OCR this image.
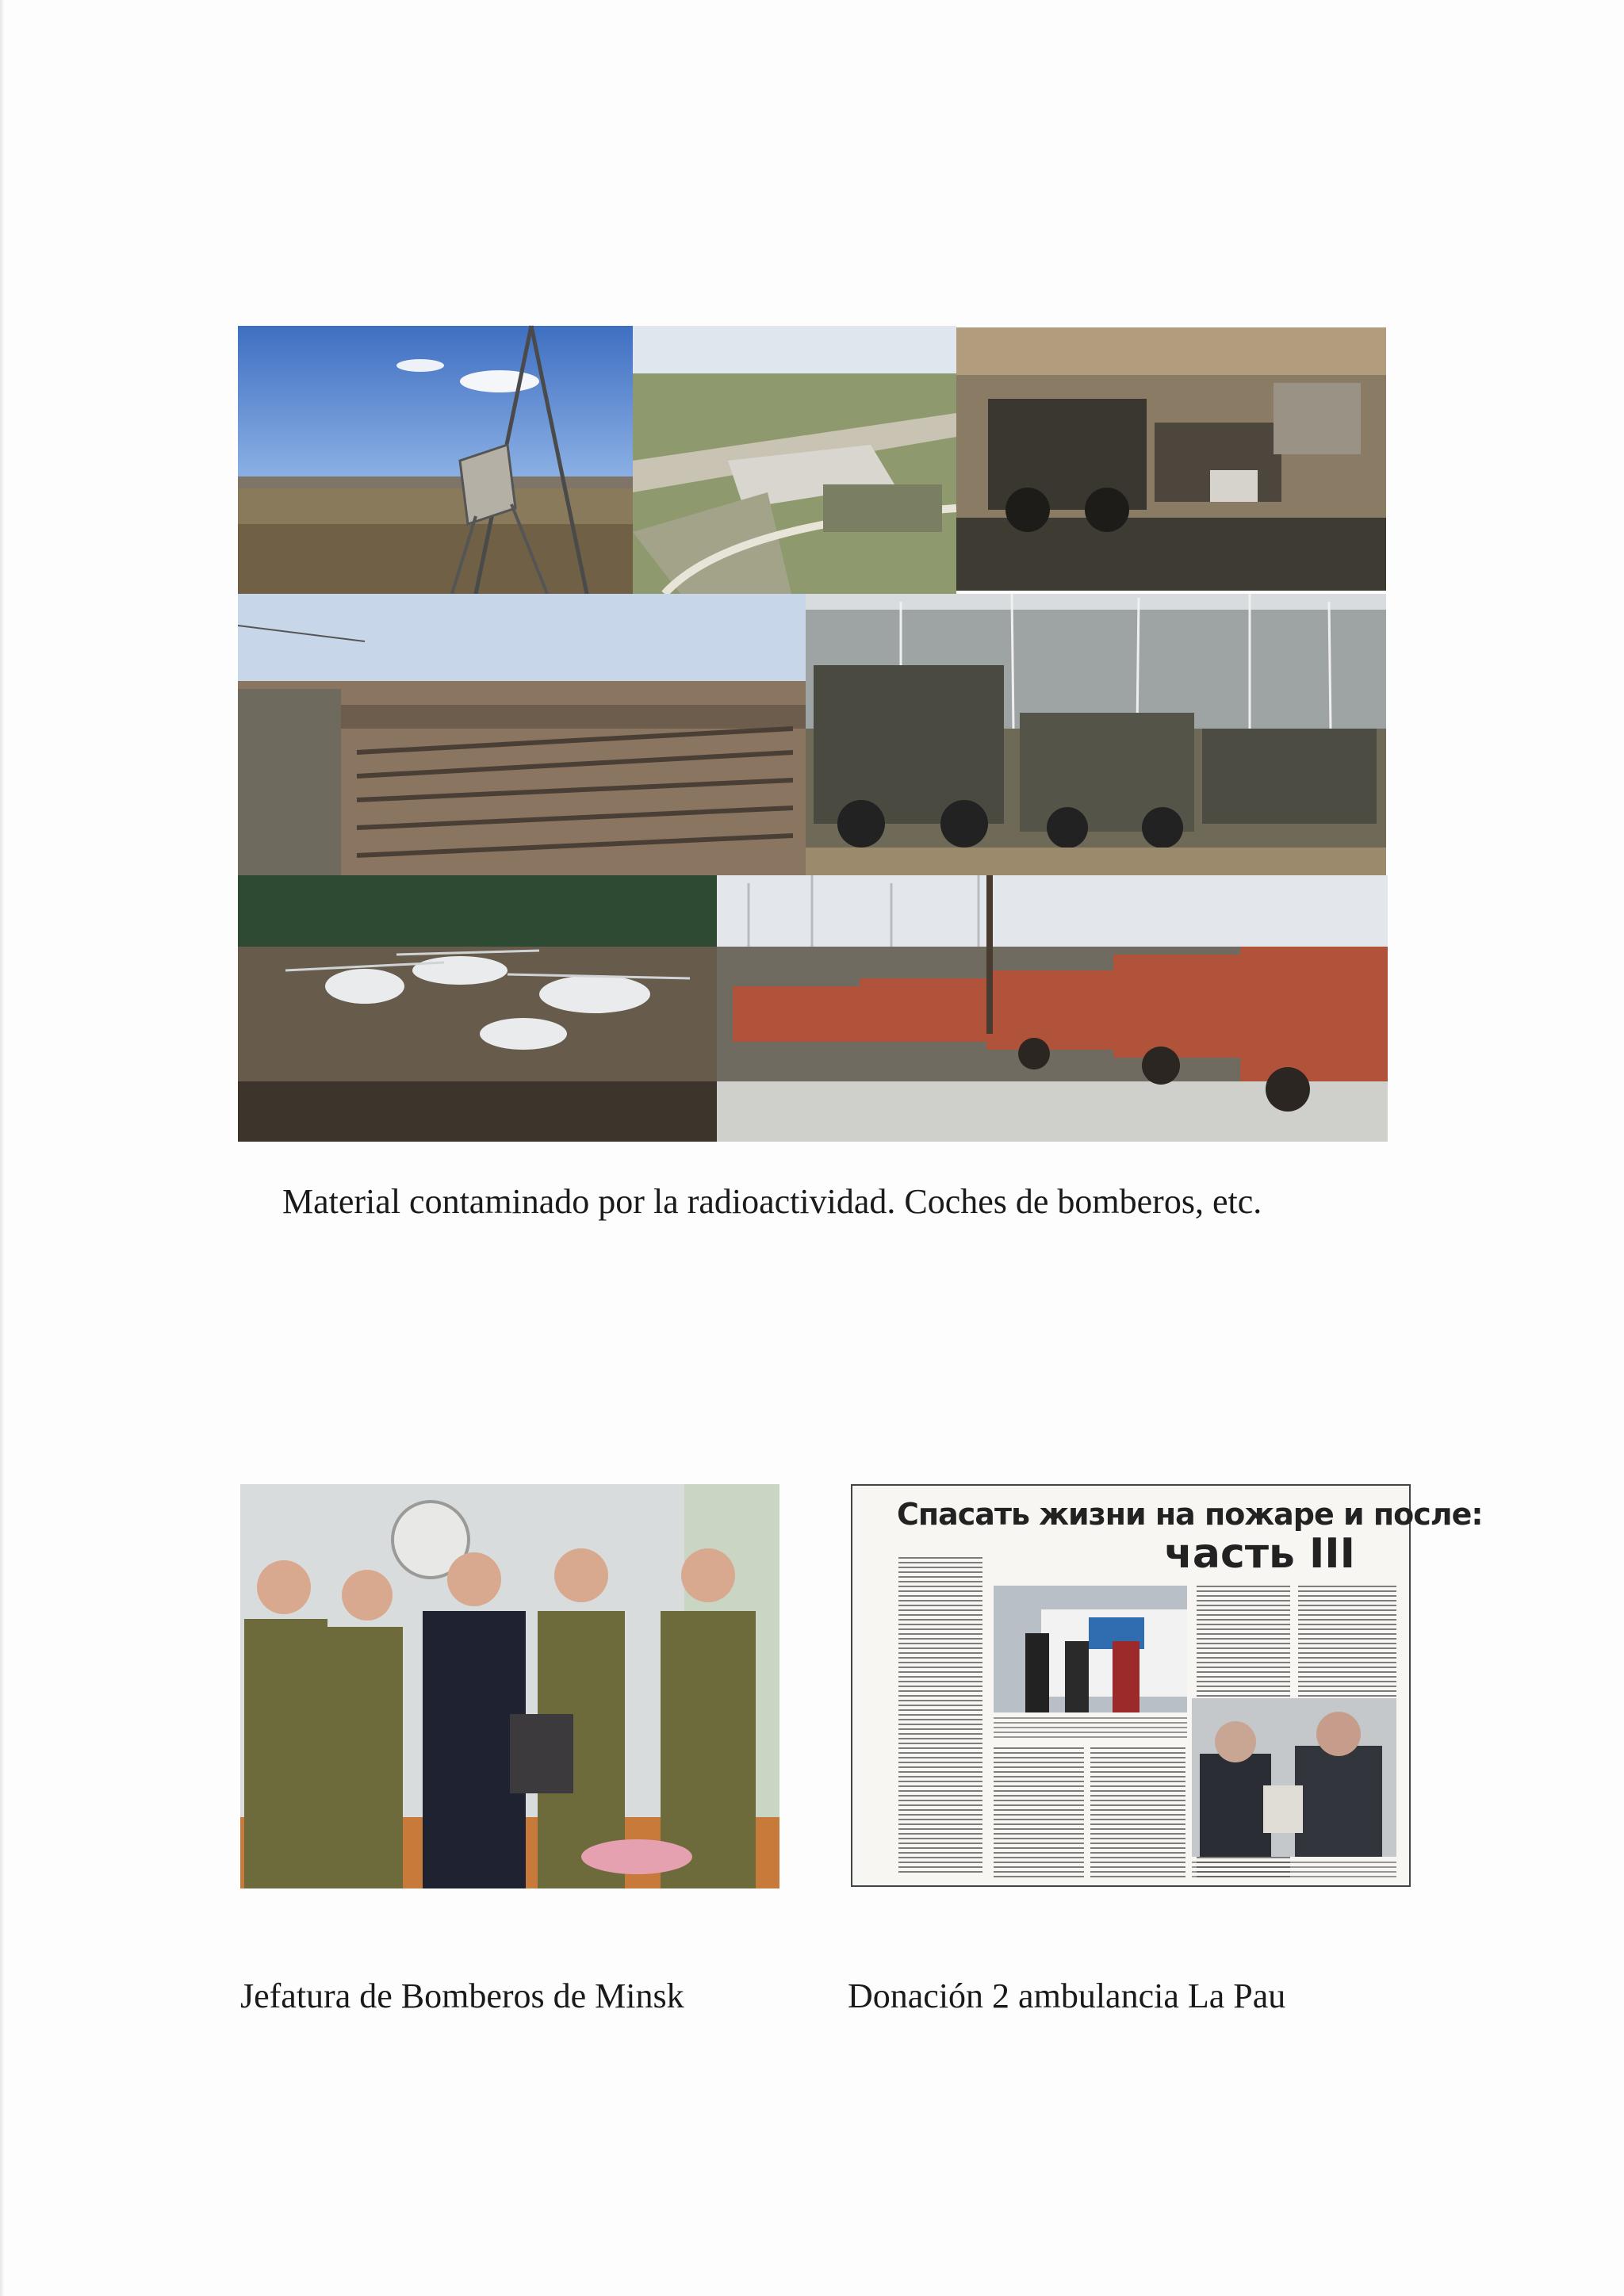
Material contaminado por la radioactividad. Coches de bomberos, etc.
Jefatura de Bomberos de Minsk
Спасать жизни на пожаре и после:
часть III
Donación 2 ambulancia La Pau
